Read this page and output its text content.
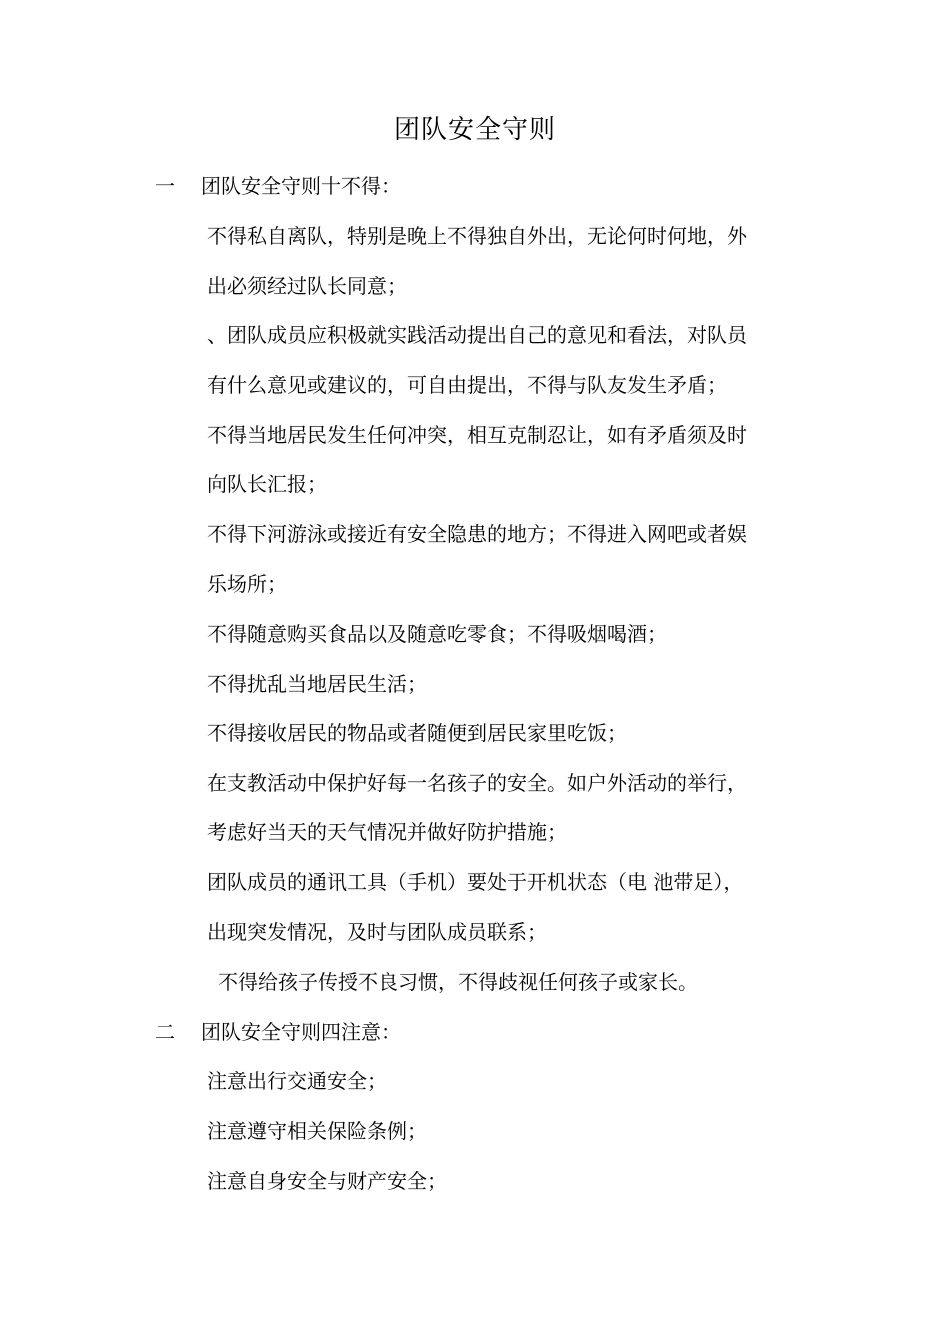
团队安全守则
一 团队安全守则十不得：
不得私自离队，特别是晚上不得独自外出，无论何时何地，外
出必须经过队长同意；
、团队成员应积极就实践活动提出自己的意见和看法，对队员
有什么意见或建议的，可自由提出，不得与队友发生矛盾；
不得当地居民发生任何冲突，相互克制忍让，如有矛盾须及时
向队长汇报；
不得下河游泳或接近有安全隐患的地方；不得进入网吧或者娱
乐场所；
不得随意购买食品以及随意吃零食；不得吸烟喝酒；
不得扰乱当地居民生活；
不得接收居民的物品或者随便到居民家里吃饭；
在支教活动中保护好每一名孩子的安全。如户外活动的举行，
考虑好当天的天气情况并做好防护措施；
团队成员的通讯工具（手机）要处于开机状态（电 池带足），
出现突发情况，及时与团队成员联系；
不得给孩子传授不良习惯，不得歧视任何孩子或家长。
二 团队安全守则四注意：
注意出行交通安全；
注意遵守相关保险条例；
注意自身安全与财产安全；
